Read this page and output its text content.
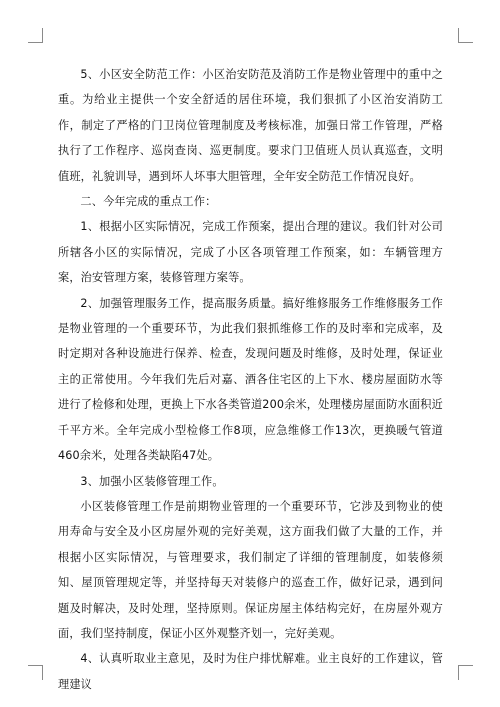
5、小区安全防范工作：小区治安防范及消防工作是物业管理中的重中之重。为给业主提供一个安全舒适的居住环境，我们狠抓了小区治安消防工作，制定了严格的门卫岗位管理制度及考核标准，加强日常工作管理，严格执行了工作程序、巡岗查岗、巡更制度。要求门卫值班人员认真巡查，文明值班，礼貌训导，遇到坏人坏事大胆管理，全年安全防范工作情况良好。

二、今年完成的重点工作：

1、根据小区实际情况，完成工作预案，提出合理的建议。我们针对公司所辖各小区的实际情况，完成了小区各项管理工作预案，如：车辆管理方案，治安管理方案，装修管理方案等。

2、加强管理服务工作，提高服务质量。搞好维修服务工作维修服务工作是物业管理的一个重要环节，为此我们狠抓维修工作的及时率和完成率，及时定期对各种设施进行保养、检查，发现问题及时维修，及时处理，保证业主的正常使用。今年我们先后对嘉、酒各住宅区的上下水、楼房屋面防水等进行了检修和处理，更换上下水各类管道200余米，处理楼房屋面防水面积近千平方米。全年完成小型检修工作8项，应急维修工作13次，更换暖气管道460余米，处理各类缺陷47处。

3、加强小区装修管理工作。

小区装修管理工作是前期物业管理的一个重要环节，它涉及到物业的使用寿命与安全及小区房屋外观的完好美观，这方面我们做了大量的工作，并根据小区实际情况，与管理要求，我们制定了详细的管理制度，如装修须知、屋顶管理规定等，并坚持每天对装修户的巡查工作，做好记录，遇到问题及时解决，及时处理，坚持原则。保证房屋主体结构完好，在房屋外观方面，我们坚持制度，保证小区外观整齐划一，完好美观。

4、认真听取业主意见，及时为住户排忧解难。业主良好的工作建议，管理建议
